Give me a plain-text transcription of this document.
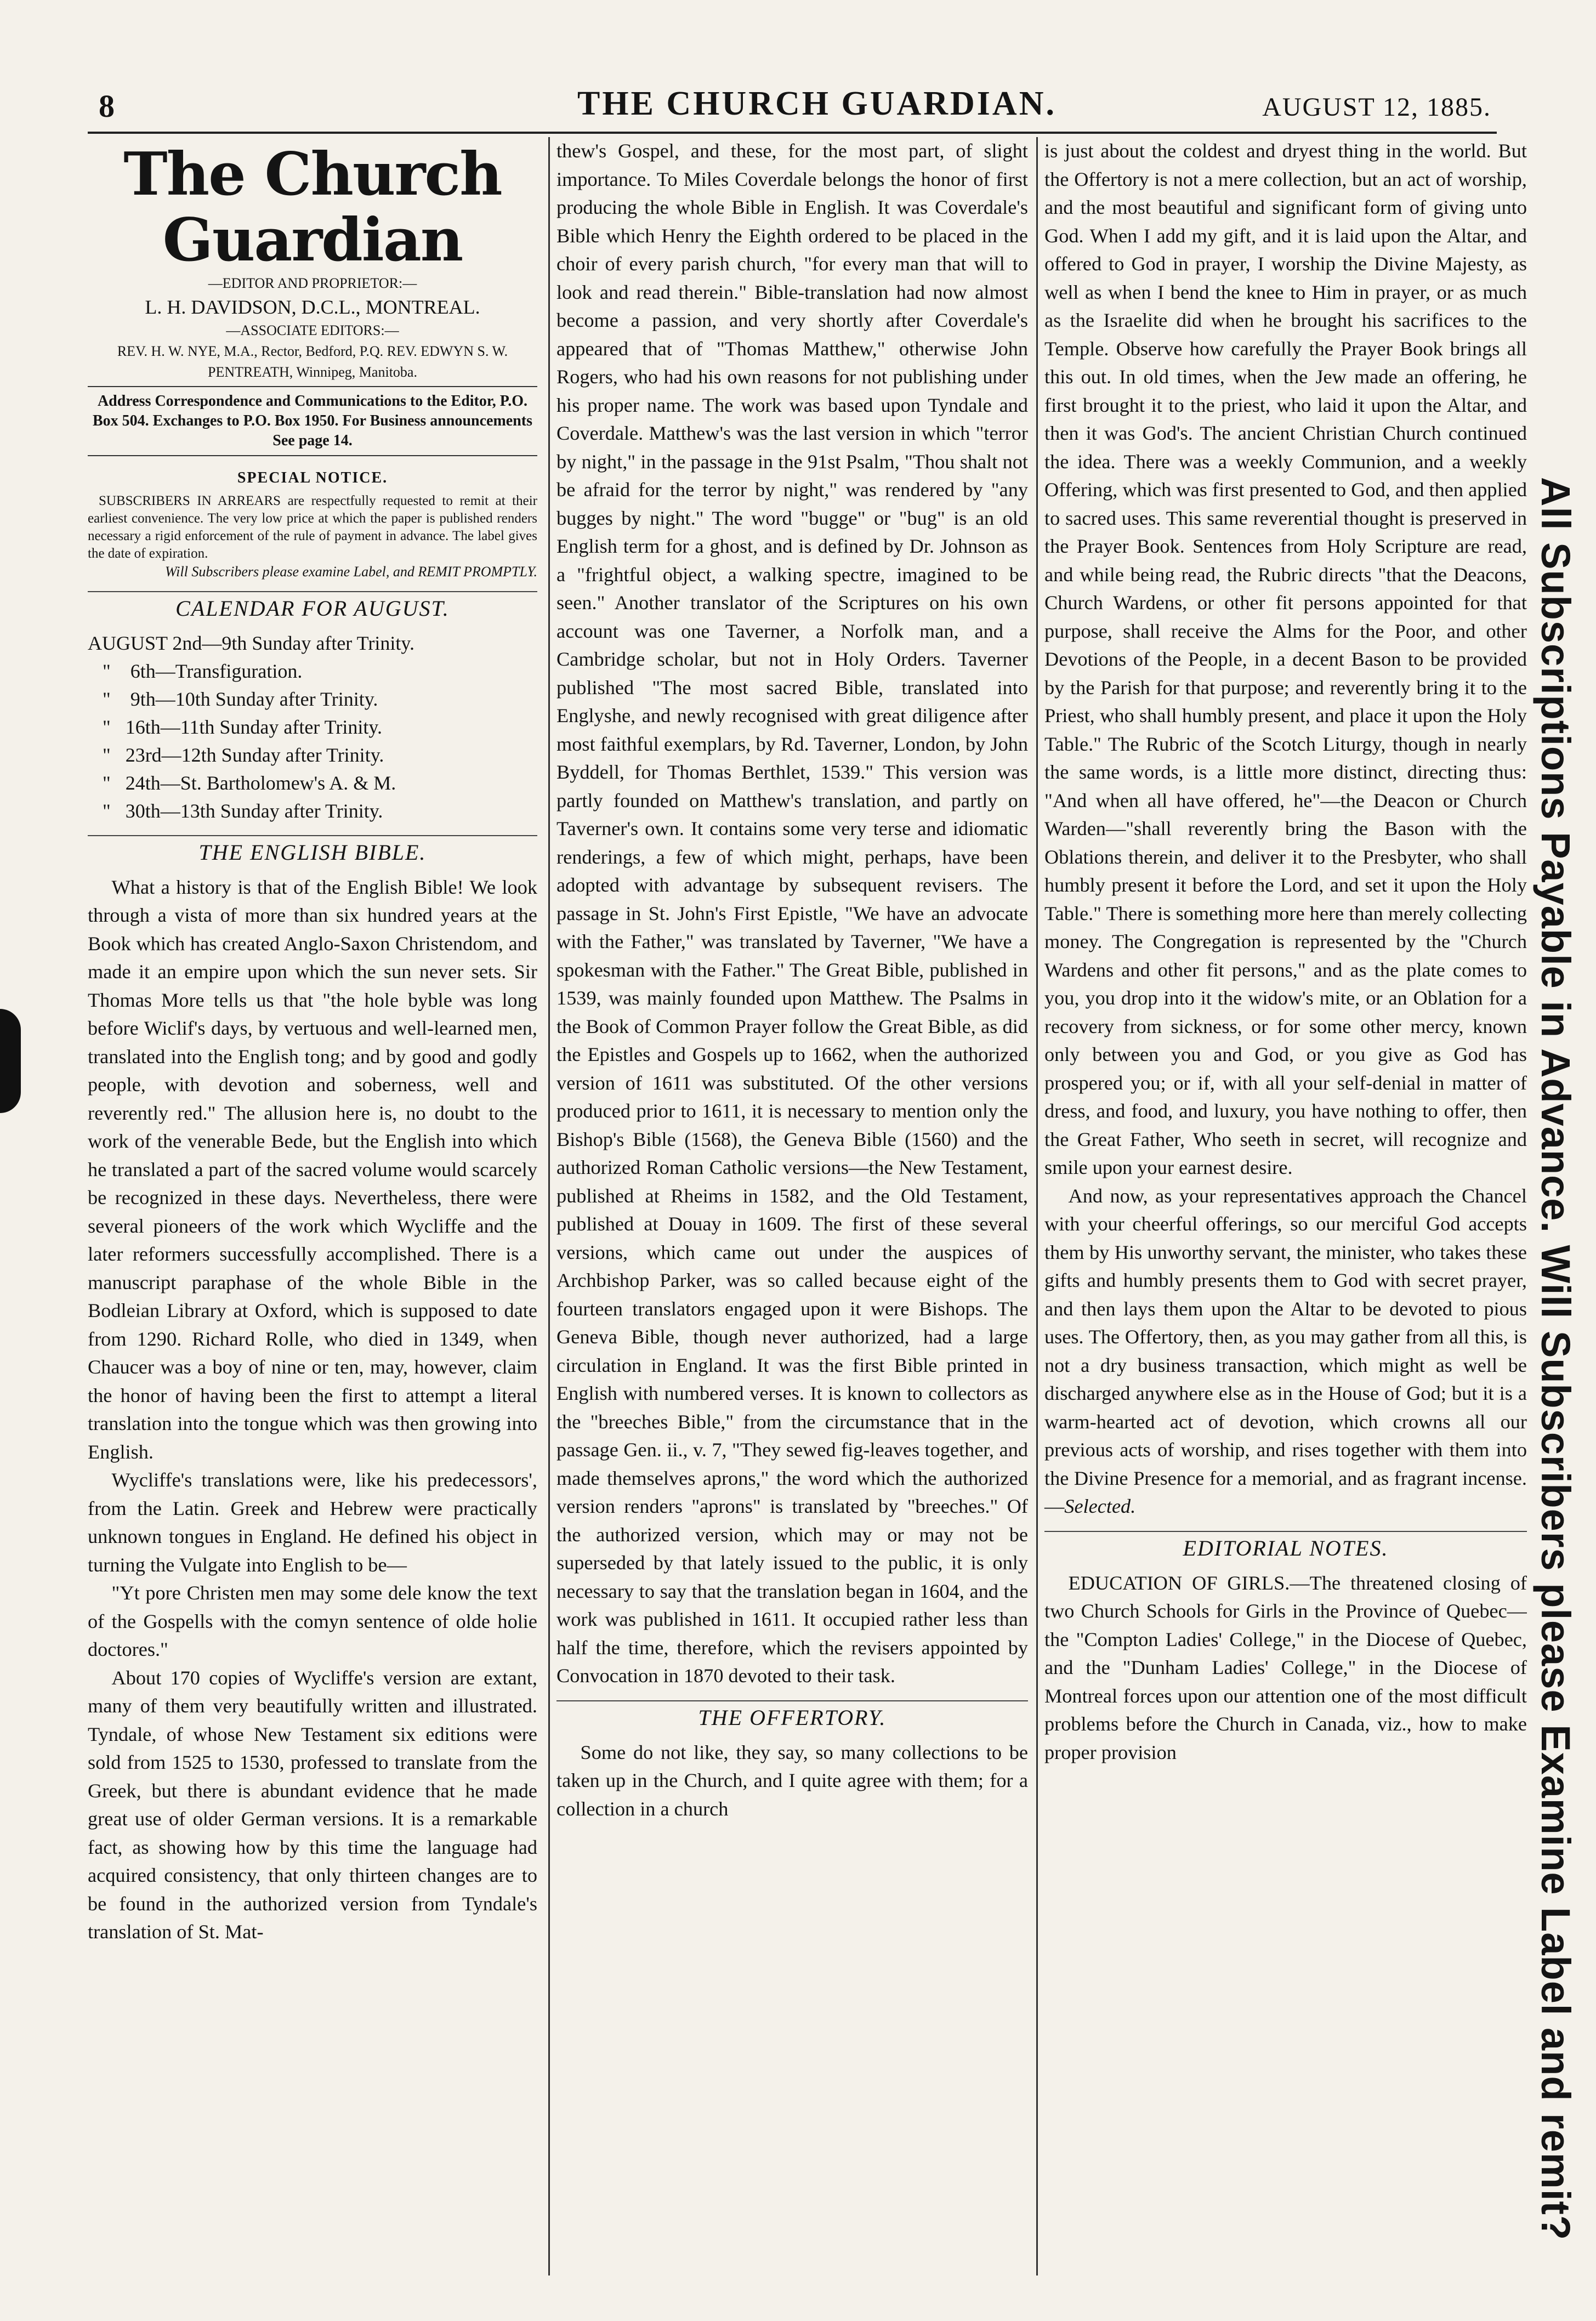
8	THE CHURCH GUARDIAN.	AUGUST 12, 1885.
The Church Guardian

—EDITOR AND PROPRIETOR:—

L. H. DAVIDSON, D.C.L., MONTREAL.

—ASSOCIATE EDITORS:—

REV. H. W. NYE, M.A., Rector, Bedford, P.Q. REV. EDWYN S. W. PENTREATH, Winnipeg, Manitoba.

Address Correspondence and Communications to the Editor, P.O. Box 504. Exchanges to P.O. Box 1950. For Business announcements See page 14.

SPECIAL NOTICE.

SUBSCRIBERS IN ARREARS are respectfully requested to remit at their earliest convenience. The very low price at which the paper is published renders necessary a rigid enforcement of the rule of payment in advance. The label gives the date of expiration.

Will Subscribers please examine Label, and REMIT PROMPTLY.

CALENDAR FOR AUGUST.

AUGUST 2nd—9th Sunday after Trinity.
"    6th—Transfiguration.
"    9th—10th Sunday after Trinity.
"   16th—11th Sunday after Trinity.
"   23rd—12th Sunday after Trinity.
"   24th—St. Bartholomew's A. & M.
"   30th—13th Sunday after Trinity.

THE ENGLISH BIBLE.

What a history is that of the English Bible! We look through a vista of more than six hundred years at the Book which has created Anglo-Saxon Christendom, and made it an empire upon which the sun never sets. Sir Thomas More tells us that "the hole byble was long before Wiclif's days, by vertuous and well-learned men, translated into the English tong; and by good and godly people, with devotion and soberness, well and reverently red." The allusion here is, no doubt to the work of the venerable Bede, but the English into which he translated a part of the sacred volume would scarcely be recognized in these days. Nevertheless, there were several pioneers of the work which Wycliffe and the later reformers successfully accomplished. There is a manuscript paraphase of the whole Bible in the Bodleian Library at Oxford, which is supposed to date from 1290. Richard Rolle, who died in 1349, when Chaucer was a boy of nine or ten, may, however, claim the honor of having been the first to attempt a literal translation into the tongue which was then growing into English.

Wycliffe's translations were, like his predecessors', from the Latin. Greek and Hebrew were practically unknown tongues in England. He defined his object in turning the Vulgate into English to be—

"Yt pore Christen men may some dele know the text of the Gospells with the comyn sentence of olde holie doctores."

About 170 copies of Wycliffe's version are extant, many of them very beautifully written and illustrated. Tyndale, of whose New Testament six editions were sold from 1525 to 1530, professed to translate from the Greek, but there is abundant evidence that he made great use of older German versions. It is a remarkable fact, as showing how by this time the language had acquired consistency, that only thirteen changes are to be found in the authorized version from Tyndale's translation of St. Mat-

thew's Gospel, and these, for the most part, of slight importance. To Miles Coverdale belongs the honor of first producing the whole Bible in English. It was Coverdale's Bible which Henry the Eighth ordered to be placed in the choir of every parish church, "for every man that will to look and read therein." Bible-translation had now almost become a passion, and very shortly after Coverdale's appeared that of "Thomas Matthew," otherwise John Rogers, who had his own reasons for not publishing under his proper name. The work was based upon Tyndale and Coverdale. Matthew's was the last version in which "terror by night," in the passage in the 91st Psalm, "Thou shalt not be afraid for the terror by night," was rendered by "any bugges by night." The word "bugge" or "bug" is an old English term for a ghost, and is defined by Dr. Johnson as a "frightful object, a walking spectre, imagined to be seen." Another translator of the Scriptures on his own account was one Taverner, a Norfolk man, and a Cambridge scholar, but not in Holy Orders. Taverner published "The most sacred Bible, translated into Englyshe, and newly recognised with great diligence after most faithful exemplars, by Rd. Taverner, London, by John Byddell, for Thomas Berthlet, 1539." This version was partly founded on Matthew's translation, and partly on Taverner's own. It contains some very terse and idiomatic renderings, a few of which might, perhaps, have been adopted with advantage by subsequent revisers. The passage in St. John's First Epistle, "We have an advocate with the Father," was translated by Taverner, "We have a spokesman with the Father." The Great Bible, published in 1539, was mainly founded upon Matthew. The Psalms in the Book of Common Prayer follow the Great Bible, as did the Epistles and Gospels up to 1662, when the authorized version of 1611 was substituted. Of the other versions produced prior to 1611, it is necessary to mention only the Bishop's Bible (1568), the Geneva Bible (1560) and the authorized Roman Catholic versions—the New Testament, published at Rheims in 1582, and the Old Testament, published at Douay in 1609. The first of these several versions, which came out under the auspices of Archbishop Parker, was so called because eight of the fourteen translators engaged upon it were Bishops. The Geneva Bible, though never authorized, had a large circulation in England. It was the first Bible printed in English with numbered verses. It is known to collectors as the "breeches Bible," from the circumstance that in the passage Gen. ii., v. 7, "They sewed fig-leaves together, and made themselves aprons," the word which the authorized version renders "aprons" is translated by "breeches." Of the authorized version, which may or may not be superseded by that lately issued to the public, it is only necessary to say that the translation began in 1604, and the work was published in 1611. It occupied rather less than half the time, therefore, which the revisers appointed by Convocation in 1870 devoted to their task.

THE OFFERTORY.

Some do not like, they say, so many collections to be taken up in the Church, and I quite agree with them; for a collection in a church

is just about the coldest and dryest thing in the world. But the Offertory is not a mere collection, but an act of worship, and the most beautiful and significant form of giving unto God. When I add my gift, and it is laid upon the Altar, and offered to God in prayer, I worship the Divine Majesty, as well as when I bend the knee to Him in prayer, or as much as the Israelite did when he brought his sacrifices to the Temple. Observe how carefully the Prayer Book brings all this out. In old times, when the Jew made an offering, he first brought it to the priest, who laid it upon the Altar, and then it was God's. The ancient Christian Church continued the idea. There was a weekly Communion, and a weekly Offering, which was first presented to God, and then applied to sacred uses. This same reverential thought is preserved in the Prayer Book. Sentences from Holy Scripture are read, and while being read, the Rubric directs "that the Deacons, Church Wardens, or other fit persons appointed for that purpose, shall receive the Alms for the Poor, and other Devotions of the People, in a decent Bason to be provided by the Parish for that purpose; and reverently bring it to the Priest, who shall humbly present, and place it upon the Holy Table." The Rubric of the Scotch Liturgy, though in nearly the same words, is a little more distinct, directing thus: "And when all have offered, he"—the Deacon or Church Warden—"shall reverently bring the Bason with the Oblations therein, and deliver it to the Presbyter, who shall humbly present it before the Lord, and set it upon the Holy Table." There is something more here than merely collecting money. The Congregation is represented by the "Church Wardens and other fit persons," and as the plate comes to you, you drop into it the widow's mite, or an Oblation for a recovery from sickness, or for some other mercy, known only between you and God, or you give as God has prospered you; or if, with all your self-denial in matter of dress, and food, and luxury, you have nothing to offer, then the Great Father, Who seeth in secret, will recognize and smile upon your earnest desire.

And now, as your representatives approach the Chancel with your cheerful offerings, so our merciful God accepts them by His unworthy servant, the minister, who takes these gifts and humbly presents them to God with secret prayer, and then lays them upon the Altar to be devoted to pious uses. The Offertory, then, as you may gather from all this, is not a dry business transaction, which might as well be discharged anywhere else as in the House of God; but it is a warm-hearted act of devotion, which crowns all our previous acts of worship, and rises together with them into the Divine Presence for a memorial, and as fragrant incense.—Selected.

EDITORIAL NOTES.

EDUCATION OF GIRLS.—The threatened closing of two Church Schools for Girls in the Province of Quebec—the "Compton Ladies' College," in the Diocese of Quebec, and the "Dunham Ladies' College," in the Diocese of Montreal forces upon our attention one of the most difficult problems before the Church in Canada, viz., how to make proper provision	All Subscriptions Payable in Advance. Will Subscribers please Examine Label and remit?
